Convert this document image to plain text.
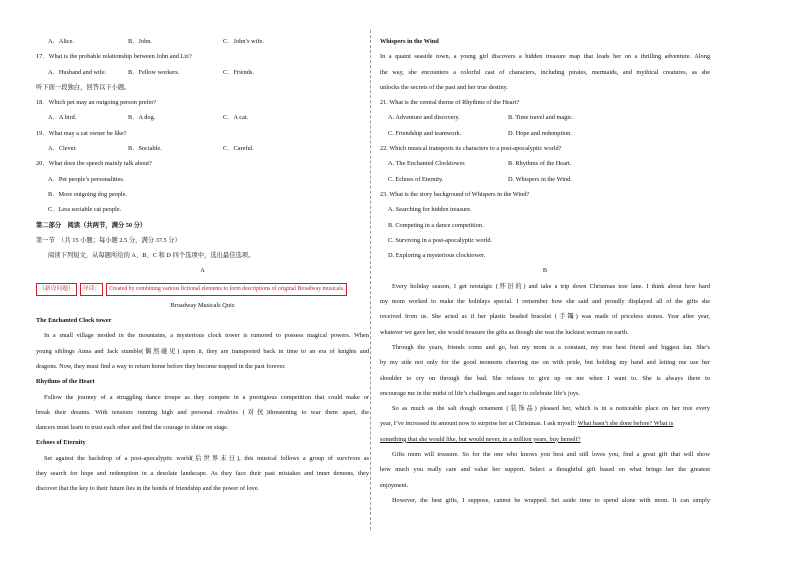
A．Alice.	B．John.	C．John’s wife.
17．What is the probable relationship between John and Liz?
A．Husband and wife.	B．Fellow workers.	C．Friends.
听下面一段独白，回答以下小题。
18．Which pet may an outgoing person prefer?
A．A bird.	B．A dog.	C．A cat.
19．What may a cat owner be like?
A．Clever.	B．Sociable.	C．Careful.
20．What does the speech mainly talk about?
A．Pet people’s personalities.
B．More outgoing dog people.
C．Less sociable cat people.
第二部分　阅读（共两节，满分 50 分）
第一节　（共 15 小题；每小题 2.5 分，满分 37.5 分）
阅读下列短文，从每题所给的 A、B、C 和 D 四个选项中，选出最佳选项。
A
（新设问题）	导读：	Created by combining various fictional elements to form descriptions of original Broadway musicals.
Broadway Musicals Quiz
The Enchanted Clock tower
In a small village nestled in the mountains, a mysterious clock tower is rumored to possess magical powers. When
young siblings Anna and Jack stumble(偶然碰见) upon it, they are transported back in time to an era of knights and
dragons. Now, they must find a way to return home before they become trapped in the past forever.
Rhythms of the Heart
Follow the journey of a struggling dance troupe as they compete in a prestigious competition that could make or
break their dreams. With tensions running high and personal rivalries (对抗)threatening to tear them apart, the
dancers must learn to trust each other and find the courage to shine on stage.
Echoes of Eternity
Set against the backdrop of a post-apocalyptic world(后世界末日), this musical follows a group of survivors as
they search for hope and redemption in a desolate landscape. As they face their past mistakes and inner demons, they
discover that the key to their future lies in the bonds of friendship and the power of love.
Whispers in the Wind
In a quaint seaside town, a young girl discovers a hidden treasure map that leads her on a thrilling adventure. Along
the way, she encounters a colorful cast of characters, including pirates, mermaids, and mythical creatures, as she
unlocks the secrets of the past and her true destiny.
21. What is the central theme of Rhythms of the Heart?
A. Adventure and discovery.	B. Time travel and magic.
C. Friendship and teamwork.	D. Hope and redemption.
22. Which musical transports its characters to a post-apocalyptic world?
A. The Enchanted Clocktower.	B. Rhythms of the Heart.
C. Echoes of Eternity.	D. Whispers in the Wind.
23. What is the story background of Whispers in the Wind?
A. Searching for hidden treasure.
B. Competing in a dance competition.
C. Surviving in a post-apocalyptic world.
D. Exploring a mysterious clocktower.
B
Every holiday season, I get nostalgic (怀旧的) and take a trip down Christmas tree lane. I think about how hard
my mom worked to make the holidays special. I remember how she said and proudly displayed all of the gifts she
received from us. She acted as if her plastic beaded bracelet (手镯) was made of priceless stones. Year after year,
whatever we gave her, she would treasure the gifts as though she was the luckiest woman on earth.
Through the years, friends come and go, but my mom is a constant, my true best friend and biggest fan. She’s
by my side not only for the good moments cheering me on with pride, but holding my hand and letting me use her
shoulder to cry on through the bad. She refuses to give up on me when I want to. She is always there to
encourage me in the midst of life’s challenges and eager to celebrate life’s joys.
So as much as the salt dough ornament (装饰品) pleased her, which is in a noticeable place on her tree every
year, I’ve increased its amount now to surprise her at Christmas. I ask myself: What hasn’t she done before? What is
something that she would like, but would never, in a million years, buy herself?
Gifts mom will treasure. So for the one who knows you best and still loves you, find a great gift that will show
how much you really care and value her support. Select a thoughtful gift based on what brings her the greatest
enjoyment.
However, the best gifts, I suppose, cannot be wrapped. Set aside time to spend alone with mom. It can simply
